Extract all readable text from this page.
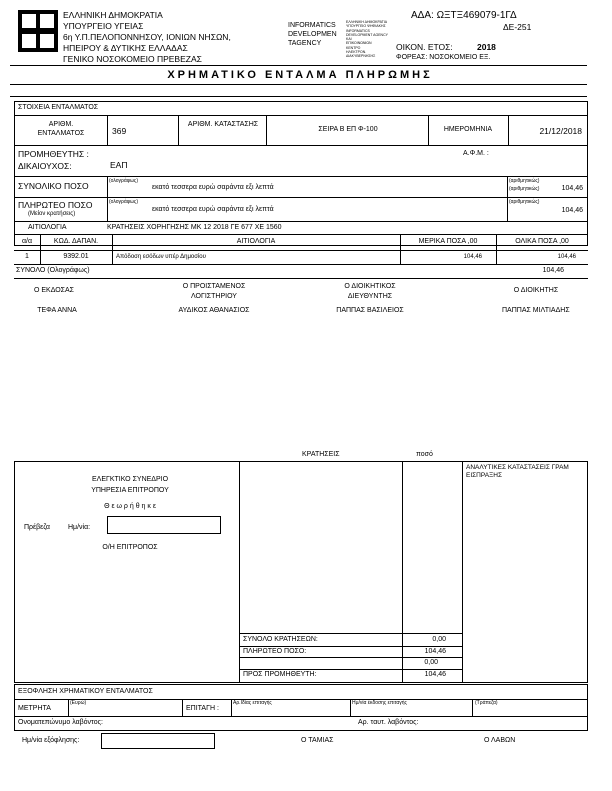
ΕΛΛΗΝΙΚΗ ΔΗΜΟΚΡΑΤΙΑ
ΥΠΟΥΡΓΕΙΟ ΥΓΕΙΑΣ
6η Υ.Π.ΠΕΛΟΠΟΝΝΗΣΟΥ, ΙΟΝΙΩΝ ΝΗΣΩΝ,
ΗΠΕΙΡΟΥ & ΔΥΤΙΚΗΣ ΕΛΛΑΔΑΣ
ΓΕΝΙΚΟ ΝΟΣΟΚΟΜΕΙΟ ΠΡΕΒΕΖΑΣ
INFORMATICS
DEVELOPMEN
TAGENCY
ΕΛΛΗΝΙΚΗ ΔΗΜΟΚΡΑΤΙΑ
ΥΠΟΥΡΓΕΙΟ ΨΗΦΙΑΚΗΣ
INFORMATICS DEVELOPMENT AGENCY
ΚΑΙ
ΕΠΙΚΟΙΝΩΝΙΩΝ
ΚΕΝΤΡΟ
ΗΛΕΚΤΡΟΝ.
ΔΙΑΚΥΒΕΡΝΗΣΗΣ
ΑΔΑ: ΩΞΤΞ469079-1ΓΔ
ΔΕ-251
ΟΙΚΟΝ. ΕΤΟΣ:	2018
ΦΟΡΕΑΣ: ΝΟΣΟΚΟΜΕΙΟ ΕΞ.
ΧΡΗΜΑΤΙΚΟ ΕΝΤΑΛΜΑ ΠΛΗΡΩΜΗΣ
ΣΤΟΙΧΕΙΑ ΕΝΤΑΛΜΑΤΟΣ
ΑΡΙΘΜ. ΕΝΤΑΛΜΑΤΟΣ	369
ΑΡΙΘΜ. ΚΑΤΑΣΤΑΣΗΣ
ΣΕΙΡΑ Β ΕΠ Φ-100	ΗΜΕΡΟΜΗΝΙΑ	21/12/2018
ΠΡΟΜΗΘΕΥΤΗΣ : ΔΙΚΑΙΟΥΧΟΣ:	ΕΑΠ
Α.Φ.Μ. :
ΣΥΝΟΛΙΚΟ ΠΟΣΟ	(ολογράφως)
εκατό τεσσερα ευρώ σαράντα εξι λεπτά
(αριθμητικώς)
(αριθμητικώς)	104,46
ΠΛΗΡΩΤΕΟ ΠΟΣΟ
(Μείον κρατήσεις)
(ολογράφως)
εκατό τεσσερα ευρώ σαράντα εξι λεπτά
(αριθμητικώς)
104,46
ΑΙΤΙΟΛΟΓΙΑ	ΚΡΑΤΗΣΕΙΣ ΧΟΡΗΓΗΣΗΣ ΜΚ 12 2018 ΓΕ 677 ΧΕ 1560
α/α	ΚΩΔ. ΔΑΠΑΝ.	ΑΙΤΙΟΛΟΓΙΑ	ΜΕΡΙΚΑ ΠΟΣΑ ,00	ΟΛΙΚΑ ΠΟΣΑ ,00
1	9392.01	Απόδοση εσόδων υπέρ Δημοσίου	104,46	104,46
ΣΥΝΟΛΟ (Ολογράφως)	104,46
Ο ΕΚΔΟΣΑΣ
Ο ΠΡΟΙΣΤΑΜΕΝΟΣ ΛΟΓΙΣΤΗΡΙΟΥ
Ο ΔΙΟΙΚΗΤΙΚΟΣ ΔΙΕΥΘΥΝΤΗΣ
Ο ΔΙΟΙΚΗΤΗΣ
ΤΕΦΑ ΑΝΝΑ	ΑΥΔΙΚΟΣ ΑΘΑΝΑΣΙΟΣ	ΠΑΠΠΑΣ ΒΑΣΙΛΕΙΟΣ	ΠΑΠΠΑΣ ΜΙΛΤΙΑΔΗΣ
ΚΡΑΤΗΣΕΙΣ	ποσό
ΕΛΕΓΚΤΙΚΟ ΣΥΝΕΔΡΙΟ
ΥΠΗΡΕΣΙΑ ΕΠΙΤΡΟΠΟΥ
Θ ε ω ρ ή θ η κ ε
Πρέβεζα	Ημ/νία:
Ο/Η ΕΠΙΤΡΟΠΟΣ
ΑΝΑΛΥΤΙΚΕΣ ΚΑΤΑΣΤΑΣΕΙΣ ΓΡΑΜ ΕΙΣΠΡΑΞΗΣ
ΣΥΝΟΛΟ ΚΡΑΤΗΣΕΩΝ:	0,00
ΠΛΗΡΩΤΕΟ ΠΟΣΟ:	104,46
0,00
ΠΡΟΣ ΠΡΟΜΗΘΕΥΤΗ:	104,46
ΕΞΟΦΛΗΣΗ ΧΡΗΜΑΤΙΚΟΥ ΕΝΤΑΛΜΑΤΟΣ
ΜΕΤΡΗΤΑ
(Ευρώ)
ΕΠΙΤΑΓΗ :
Αρ.Ιδίας επιταγής	Ημ/νία έκδοσης επιταγής	(Τράπεζα)
Ονοματεπώνυμο λαβόντος:	Αρ. ταυτ. λαβόντος:
Ημ/νία εξόφλησης:	Ο ΤΑΜΙΑΣ	Ο ΛΑΒΩΝ
